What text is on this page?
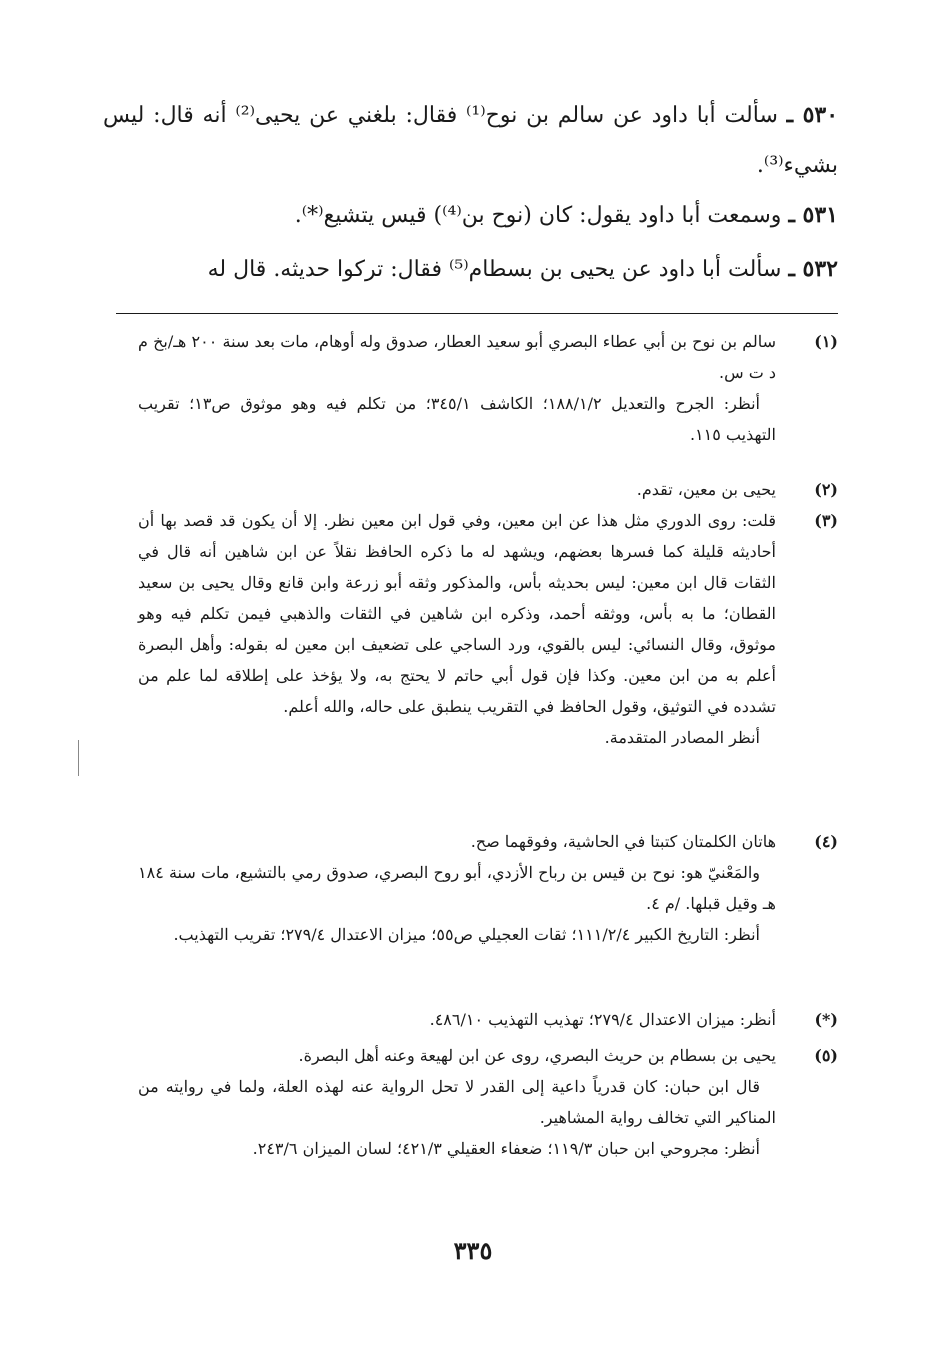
٥٣٠ ـ سألت أبا داود عن سالم بن نوح⁽¹⁾ فقال: بلغني عن يحيى⁽²⁾ أنه قال: ليس بشيء⁽³⁾.
٥٣١ ـ وسمعت أبا داود يقول: كان (نوح بن⁽⁴⁾) قيس يتشيع⁽*⁾.
٥٣٢ ـ سألت أبا داود عن يحيى بن بسطام⁽⁵⁾ فقال: تركوا حديثه. قال له
(١)

سالم بن نوح بن أبي عطاء البصري أبو سعيد العطار، صدوق وله أوهام، مات بعد سنة ٢٠٠ هـ/بخ م د ت س.

أنظر: الجرح والتعديل ١٨٨/١/٢؛ الكاشف ٣٤٥/١؛ من تكلم فيه وهو موثوق ص١٣؛ تقريب التهذيب ١١٥.

(٢)

يحيى بن معين، تقدم.

(٣)

قلت: روى الدوري مثل هذا عن ابن معين، وفي قول ابن معين نظر. إلا أن يكون قد قصد بها أن أحاديثه قليلة كما فسرها بعضهم، ويشهد له ما ذكره الحافظ نقلاً عن ابن شاهين أنه قال في الثقات قال ابن معين: ليس بحديثه بأس، والمذكور وثقه أبو زرعة وابن قانع وقال يحيى بن سعيد القطان؛ ما به بأس، ووثقه أحمد، وذكره ابن شاهين في الثقات والذهبي فيمن تكلم فيه وهو موثوق، وقال النسائي: ليس بالقوي، ورد الساجي على تضعيف ابن معين له بقوله: وأهل البصرة أعلم به من ابن معين. وكذا فإن قول أبي حاتم لا يحتج به، ولا يؤخذ على إطلاقه لما علم من تشدده في التوثيق، وقول الحافظ في التقريب ينطبق على حاله، والله أعلم.

أنظر المصادر المتقدمة.

(٤)

هاتان الكلمتان كتبتا في الحاشية، وفوقهما صح.

والمَعْنيّ هو: نوح بن قيس بن رباح الأزدي، أبو روح البصري، صدوق رمي بالتشيع، مات سنة ١٨٤ هـ وقيل قبلها. /م ٤.

أنظر: التاريخ الكبير ١١١/٢/٤؛ ثقات العجيلي ص٥٥؛ ميزان الاعتدال ٢٧٩/٤؛ تقريب التهذيب.

(*)

أنظر: ميزان الاعتدال ٢٧٩/٤؛ تهذيب التهذيب ٤٨٦/١٠.

(٥)

يحيى بن بسطام بن حريث البصري، روى عن ابن لهيعة وعنه أهل البصرة.

قال ابن حبان: كان قدرياً داعية إلى القدر لا تحل الرواية عنه لهذه العلة، ولما في روايته من المناكير التي تخالف رواية المشاهير.

أنظر: مجروحي ابن حبان ١١٩/٣؛ ضعفاء العقيلي ٤٢١/٣؛ لسان الميزان ٢٤٣/٦.

٣٣٥
